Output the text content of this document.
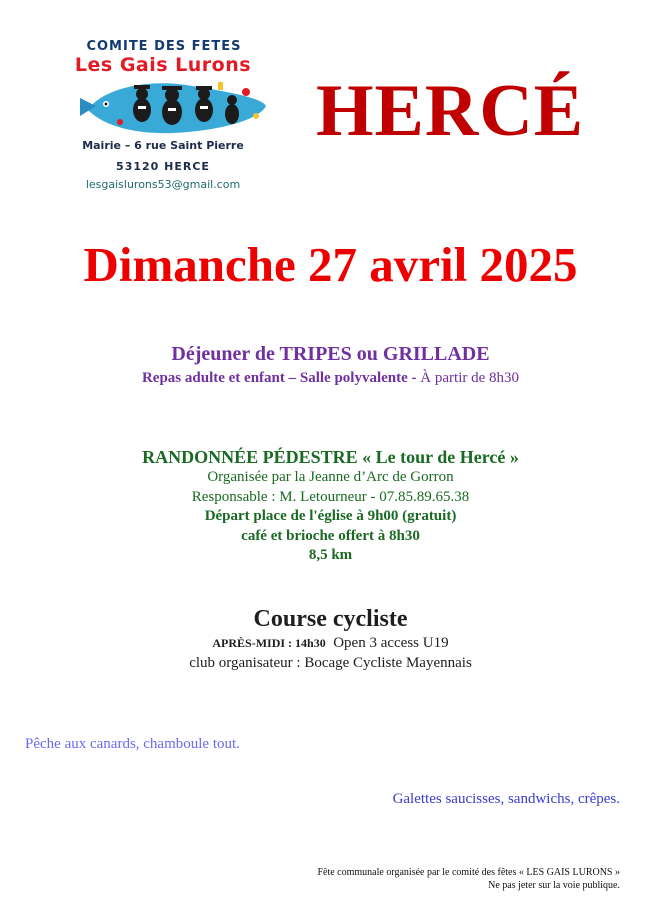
COMITE DES FETES
Les Gais Lurons
Mairie – 6 rue Saint Pierre
53120 HERCE
lesgaislurons53@gmail.com
HERCÉ
Dimanche 27 avril 2025
Déjeuner de TRIPES ou GRILLADE
Repas adulte et enfant – Salle polyvalente - À partir de 8h30
RANDONNÉE PÉDESTRE « Le tour de Hercé »
Organisée par la Jeanne d’Arc de Gorron
Responsable : M. Letourneur - 07.85.89.65.38
Départ place de l'église à 9h00 (gratuit)
café et brioche offert à 8h30
8,5 km
Course cycliste
APRÈS-MIDI : 14h30 Open 3 access U19
club organisateur : Bocage Cycliste Mayennais
Pêche aux canards, chamboule tout.
Galettes saucisses, sandwichs, crêpes.
Fête communale organisée par le comité des fêtes « LES GAIS LURONS »
Ne pas jeter sur la voie publique.
